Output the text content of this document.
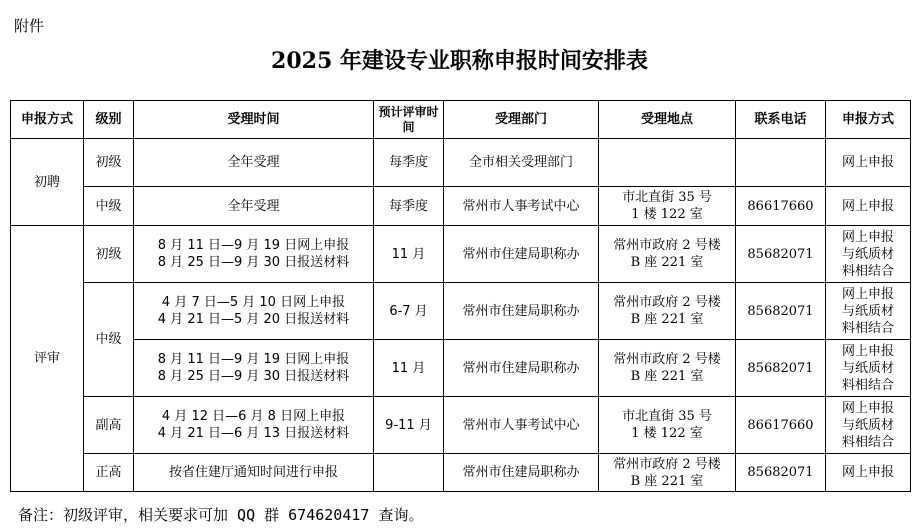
附件
2025 年建设专业职称申报时间安排表
申报方式	级别	受理时间	预计评审时间	受理部门	受理地点	联系电话	申报方式
初聘	初级	全年受理	每季度	全市相关受理部门			网上申报
	中级	全年受理	每季度	常州市人事考试中心	市北直街 35 号
1 楼 122 室	86617660	网上申报
评审	初级	8 月 11 日—9 月 19 日网上申报
8 月 25 日—9 月 30 日报送材料	11 月	常州市住建局职称办	常州市政府 2 号楼
B 座 221 室	85682071	网上申报
与纸质材
料相结合
	中级	4 月 7 日—5 月 10 日网上申报
4 月 21 日—5 月 20 日报送材料	6-7 月	常州市住建局职称办	常州市政府 2 号楼
B 座 221 室	85682071	网上申报
与纸质材
料相结合
		8 月 11 日—9 月 19 日网上申报
8 月 25 日—9 月 30 日报送材料	11 月	常州市住建局职称办	常州市政府 2 号楼
B 座 221 室	85682071	网上申报
与纸质材
料相结合
	副高	4 月 12 日—6 月 8 日网上申报
4 月 21 日—6 月 13 日报送材料	9-11 月	常州市人事考试中心	市北直街 35 号
1 楼 122 室	86617660	网上申报
与纸质材
料相结合
	正高	按省住建厅通知时间进行申报		常州市住建局职称办	常州市政府 2 号楼
B 座 221 室	85682071	网上申报
备注：初级评审，相关要求可加 QQ 群 674620417 查询。
